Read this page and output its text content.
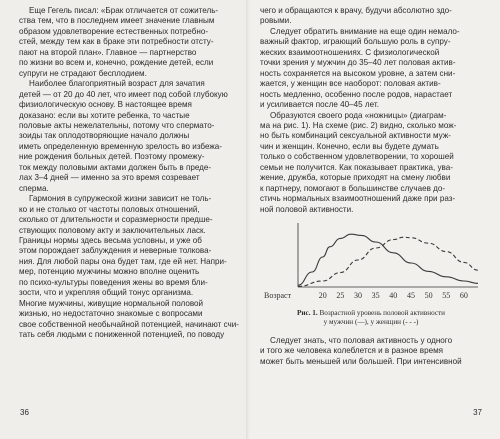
Еще Гегель писал: «Брак отличается от сожитель-
ства тем, что в последнем имеет значение главным
образом удовлетворение естественных потребно-
стей, между тем как в браке эти потребности отсту-
пают на второй план». Главное — партнерство
по жизни во всем и, конечно, рождение детей, если
супруги не страдают бесплодием.
Наиболее благоприятный возраст для зачатия
детей — от 20 до 40 лет, что имеет под собой глубокую
физиологическую основу. В настоящее время
доказано: если вы хотите ребенка, то частые
половые акты нежелательны, потому что спермато-
зоиды так оплодотворяющие начало должны
иметь определенную временную зрелость во избежа-
ние рождения больных детей. Поэтому промежу-
ток между половыми актами должен быть в преде-
лах 3–4 дней — именно за это время созревает
сперма.
Гармония в супружеской жизни зависит не толь-
ко и не столько от частоты половых отношений,
сколько от длительности и соразмерности предше-
ствующих половому акту и заключительных ласк.
Границы нормы здесь весьма условны, и уже об
этом порождает заблуждения и неверные толкова-
ния. Для любой пары она будет там, где ей нет. Напри-
мер, потенцию мужчины можно вполне оценить
по психо-культуры поведения жены во время бли-
зости, что и укрепляя общий тонус организма.
Многие мужчины, живущие нормальной половой
жизнью, но недостаточно знакомые с вопросами
свое собственной необычайной потенцией, начинают счи-
тать себя людьми с пониженной потенцией, по поводу
36
чего и обращаются к врачу, будучи абсолютно здо-
ровыми.
Следует обратить внимание на еще один немало-
важный фактор, играющий большую роль в супру-
жеских взаимоотношениях. С физиологической
точки зрения у мужчин до 35–40 лет половая актив-
ность сохраняется на высоком уровне, а затем сни-
жается, у женщин все наоборот: половая актив-
ность медленно, особенно после родов, нарастает
и усиливается после 40–45 лет.
Образуются своего рода «ножницы» (диаграм-
ма на рис. 1). На схеме (рис. 2) видно, сколько мож-
но быть комбинаций сексуальной активности муж-
чин и женщин. Конечно, если вы будете думать
только о собственном удовлетворении, то хорошей
семьи не получится. Как показывает практика, ува-
жение, дружба, которые приходят на смену любви
к партнеру, помогают в большинстве случаев до-
стичь нормальных взаимоотношений даже при раз-
ной половой активности.
Возраст	20 25 30 35 40 45 50 55 60
Рис. 1. Возрастной уровень половой активности
у мужчин (—), у женщин (- - -)
Следует знать, что половая активность у одного
и того же человека колеблется и в разное время
может быть меньшей или большей. При интенсивной
37
